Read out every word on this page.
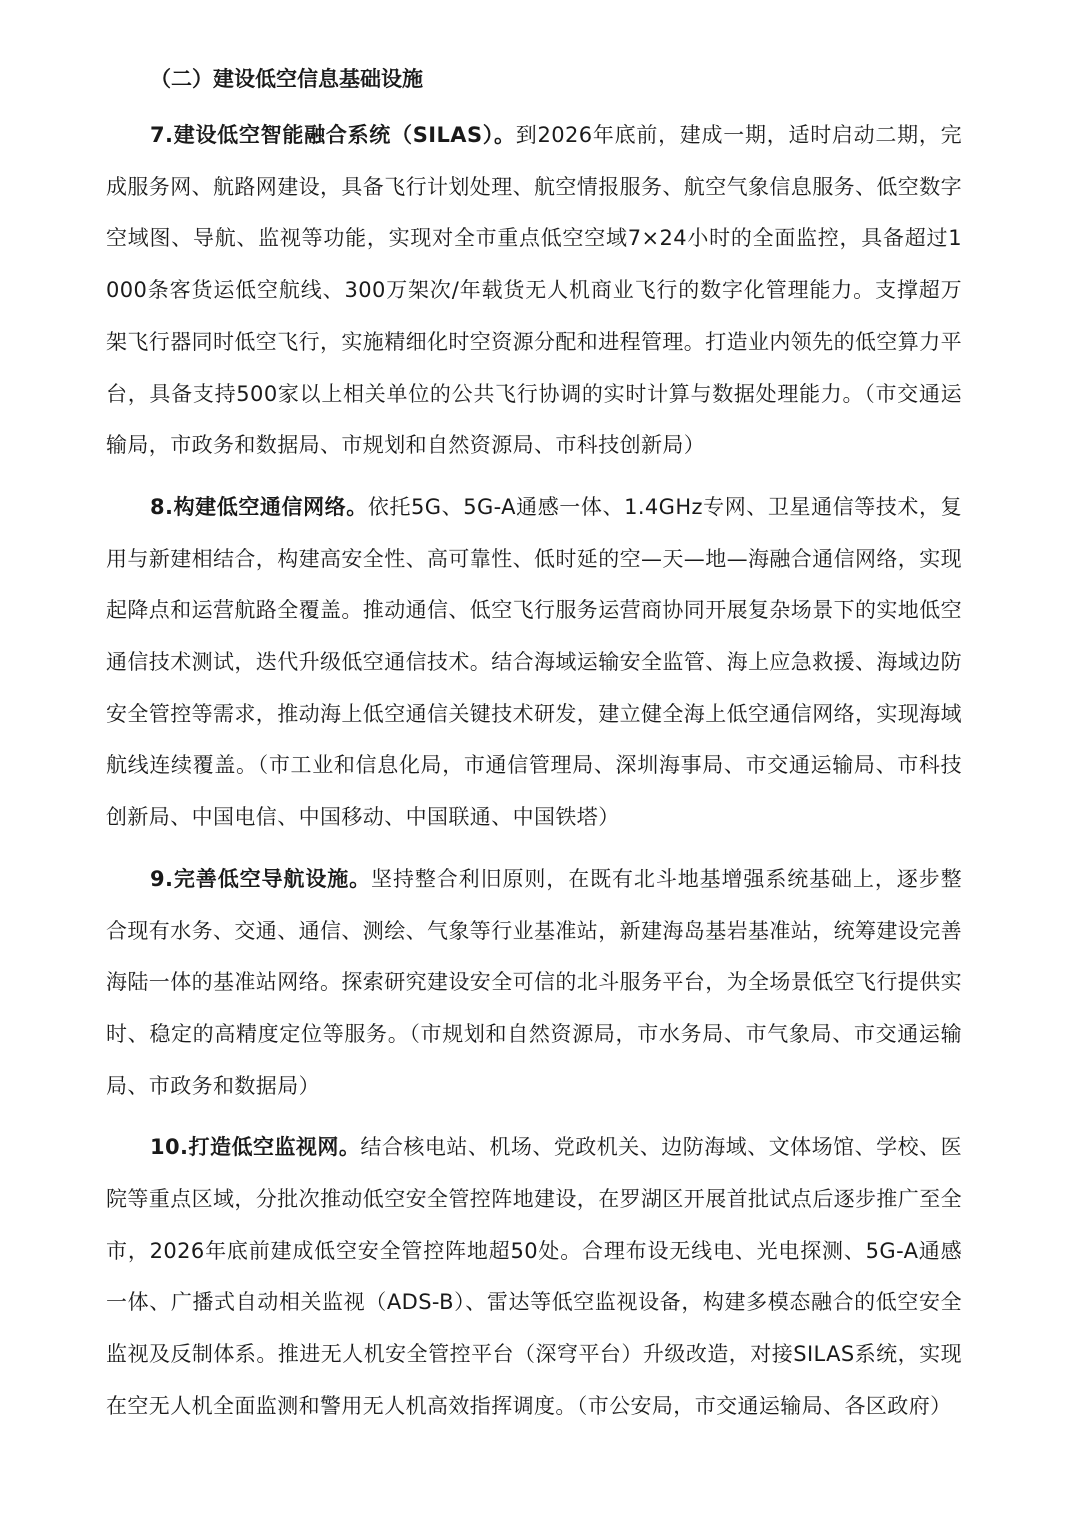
（二）建设低空信息基础设施

7.建设低空智能融合系统（SILAS）。到2026年底前，建成一期，适时启动二期，完成服务网、航路网建设，具备飞行计划处理、航空情报服务、航空气象信息服务、低空数字空域图、导航、监视等功能，实现对全市重点低空空域7×24小时的全面监控，具备超过1000条客货运低空航线、300万架次/年载货无人机商业飞行的数字化管理能力。支撑超万架飞行器同时低空飞行，实施精细化时空资源分配和进程管理。打造业内领先的低空算力平台，具备支持500家以上相关单位的公共飞行协调的实时计算与数据处理能力。（市交通运输局，市政务和数据局、市规划和自然资源局、市科技创新局）

8.构建低空通信网络。依托5G、5G-A通感一体、1.4GHz专网、卫星通信等技术，复用与新建相结合，构建高安全性、高可靠性、低时延的空—天—地—海融合通信网络，实现起降点和运营航路全覆盖。推动通信、低空飞行服务运营商协同开展复杂场景下的实地低空通信技术测试，迭代升级低空通信技术。结合海域运输安全监管、海上应急救援、海域边防安全管控等需求，推动海上低空通信关键技术研发，建立健全海上低空通信网络，实现海域航线连续覆盖。（市工业和信息化局，市通信管理局、深圳海事局、市交通运输局、市科技创新局、中国电信、中国移动、中国联通、中国铁塔）

9.完善低空导航设施。坚持整合利旧原则，在既有北斗地基增强系统基础上，逐步整合现有水务、交通、通信、测绘、气象等行业基准站，新建海岛基岩基准站，统筹建设完善海陆一体的基准站网络。探索研究建设安全可信的北斗服务平台，为全场景低空飞行提供实时、稳定的高精度定位等服务。（市规划和自然资源局，市水务局、市气象局、市交通运输局、市政务和数据局）

10.打造低空监视网。结合核电站、机场、党政机关、边防海域、文体场馆、学校、医院等重点区域，分批次推动低空安全管控阵地建设，在罗湖区开展首批试点后逐步推广至全市，2026年底前建成低空安全管控阵地超50处。合理布设无线电、光电探测、5G-A通感一体、广播式自动相关监视（ADS-B）、雷达等低空监视设备，构建多模态融合的低空安全监视及反制体系。推进无人机安全管控平台（深穹平台）升级改造，对接SILAS系统，实现在空无人机全面监测和警用无人机高效指挥调度。（市公安局，市交通运输局、各区政府）
